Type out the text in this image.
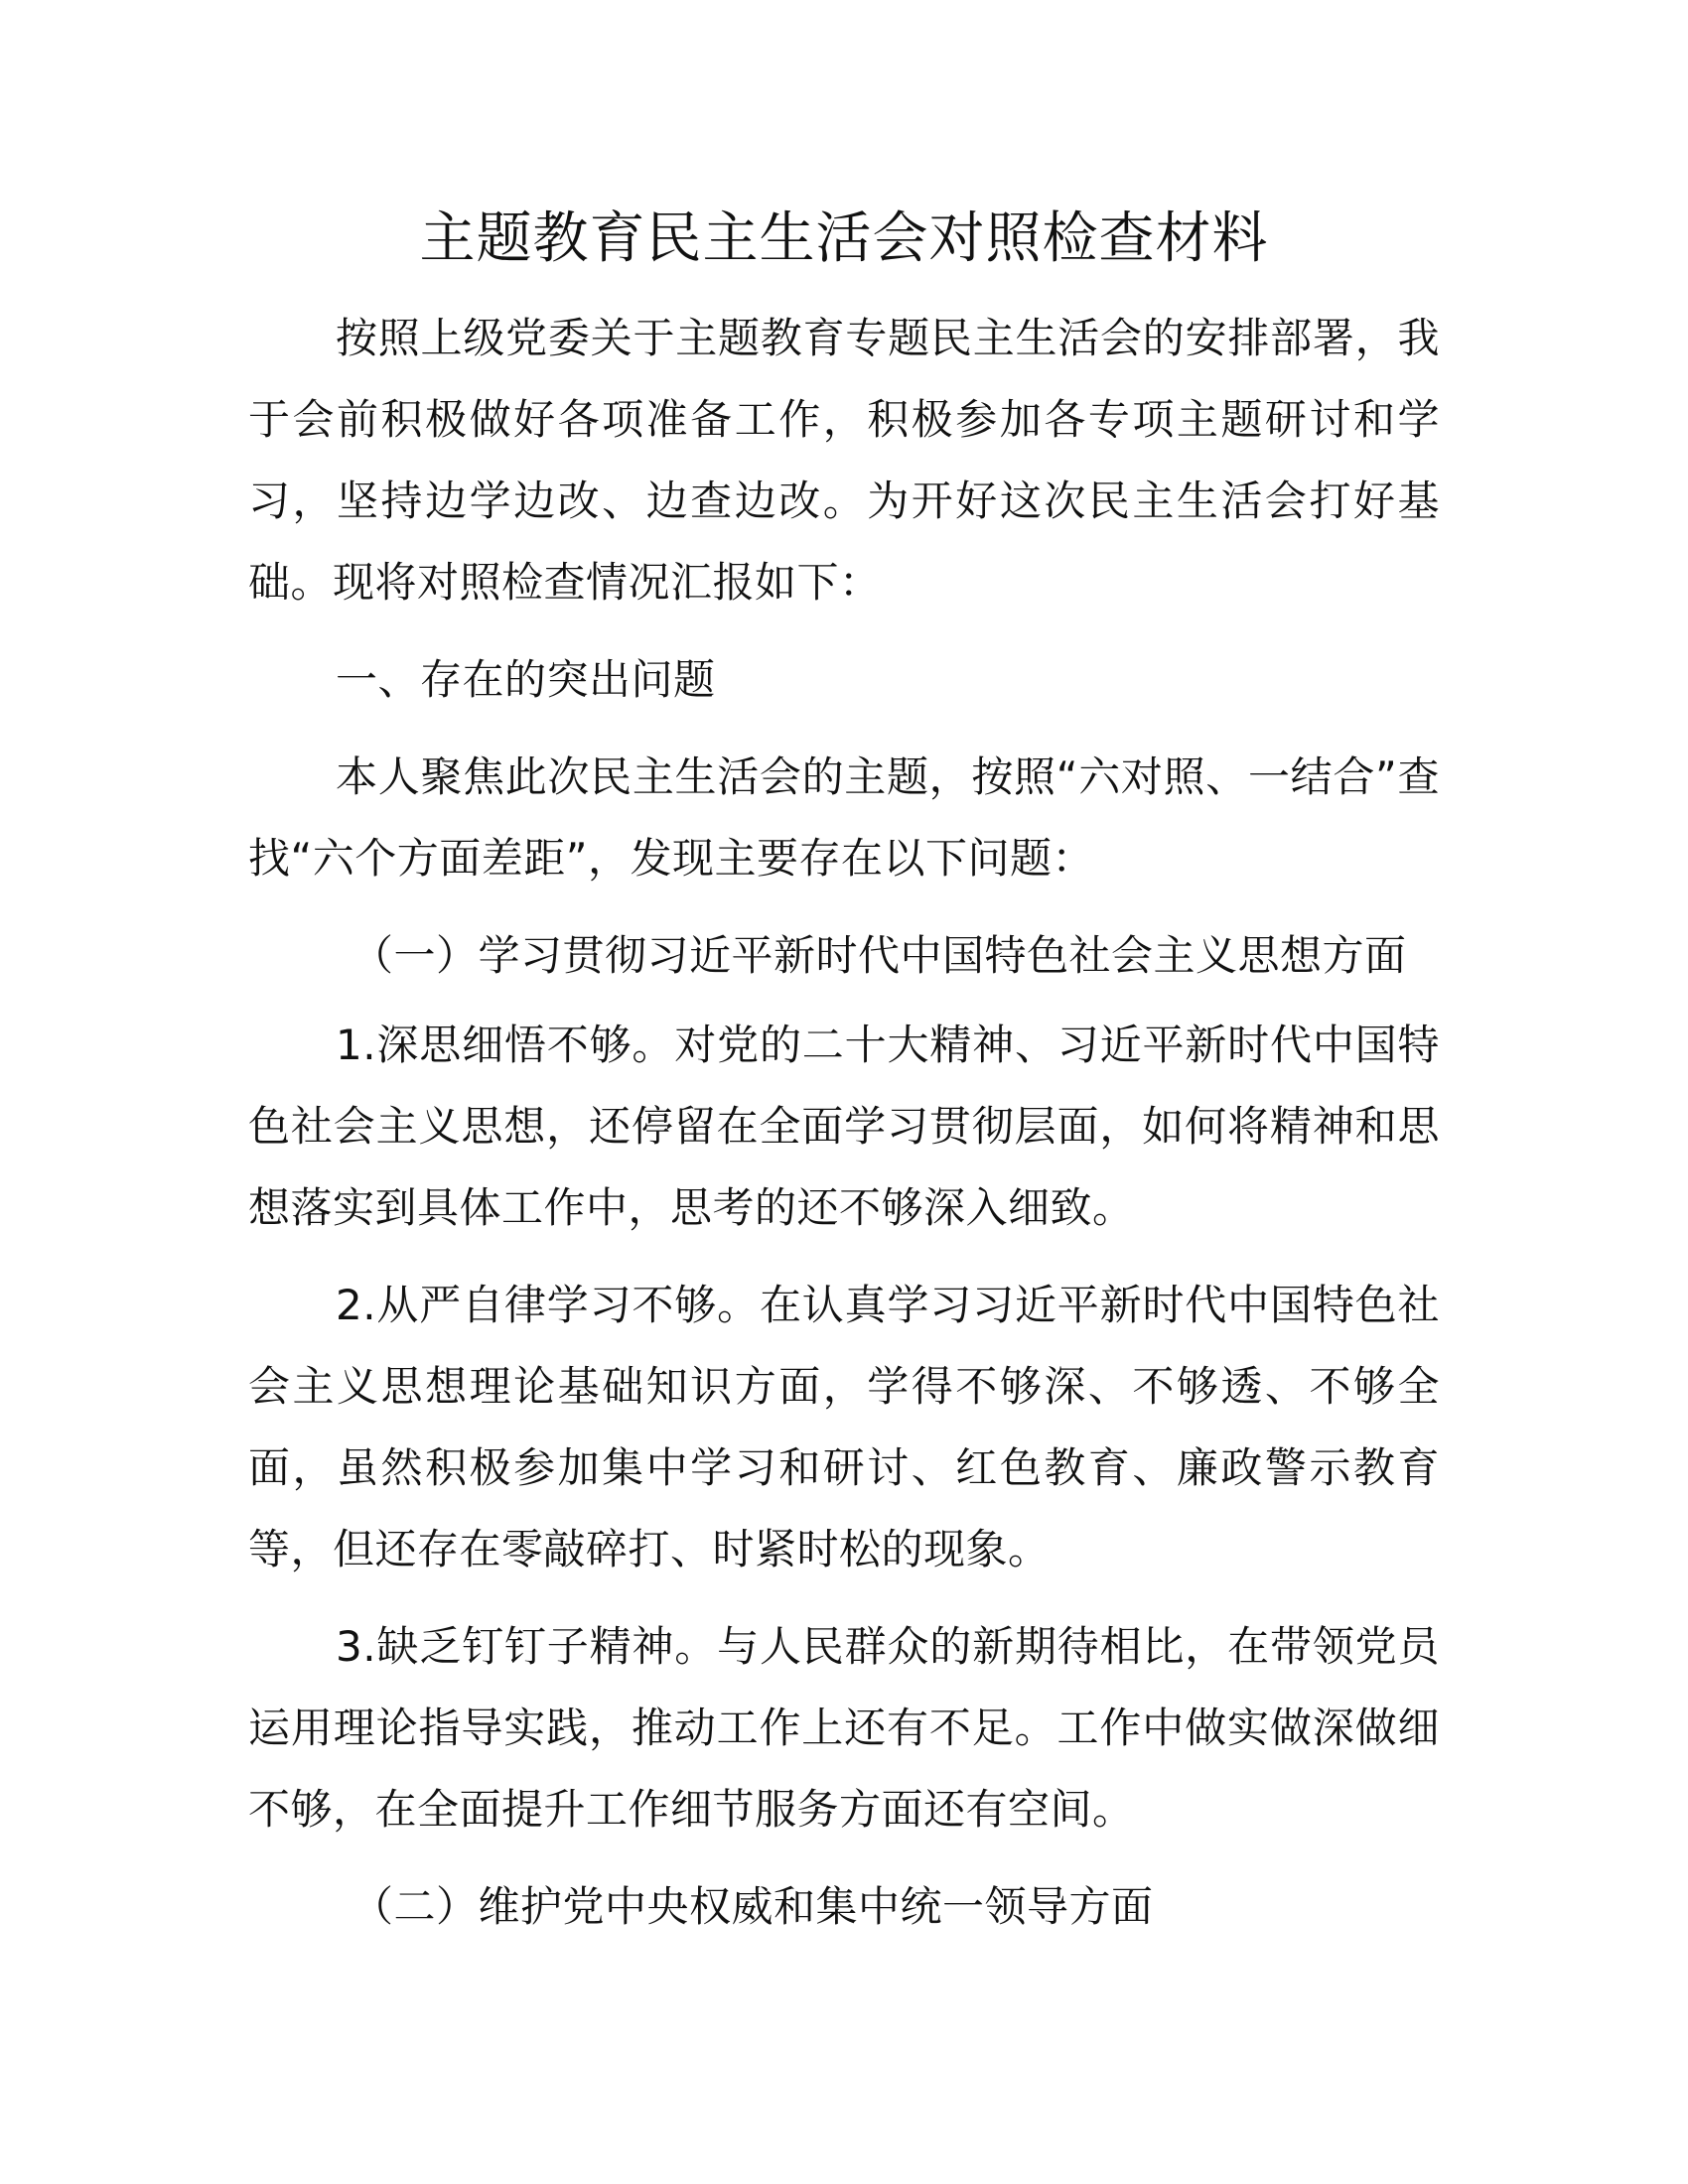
主题教育民主生活会对照检查材料

按照上级党委关于主题教育专题民主生活会的安排部署，我于会前积极做好各项准备工作，积极参加各专项主题研讨和学习，坚持边学边改、边查边改。为开好这次民主生活会打好基础。现将对照检查情况汇报如下：

一、存在的突出问题

本人聚焦此次民主生活会的主题，按照“六对照、一结合”查找“六个方面差距”，发现主要存在以下问题：

（一）学习贯彻习近平新时代中国特色社会主义思想方面

1.深思细悟不够。对党的二十大精神、习近平新时代中国特色社会主义思想，还停留在全面学习贯彻层面，如何将精神和思想落实到具体工作中，思考的还不够深入细致。

2.从严自律学习不够。在认真学习习近平新时代中国特色社会主义思想理论基础知识方面，学得不够深、不够透、不够全面，虽然积极参加集中学习和研讨、红色教育、廉政警示教育等，但还存在零敲碎打、时紧时松的现象。

3.缺乏钉钉子精神。与人民群众的新期待相比，在带领党员运用理论指导实践，推动工作上还有不足。工作中做实做深做细不够，在全面提升工作细节服务方面还有空间。

（二）维护党中央权威和集中统一领导方面
